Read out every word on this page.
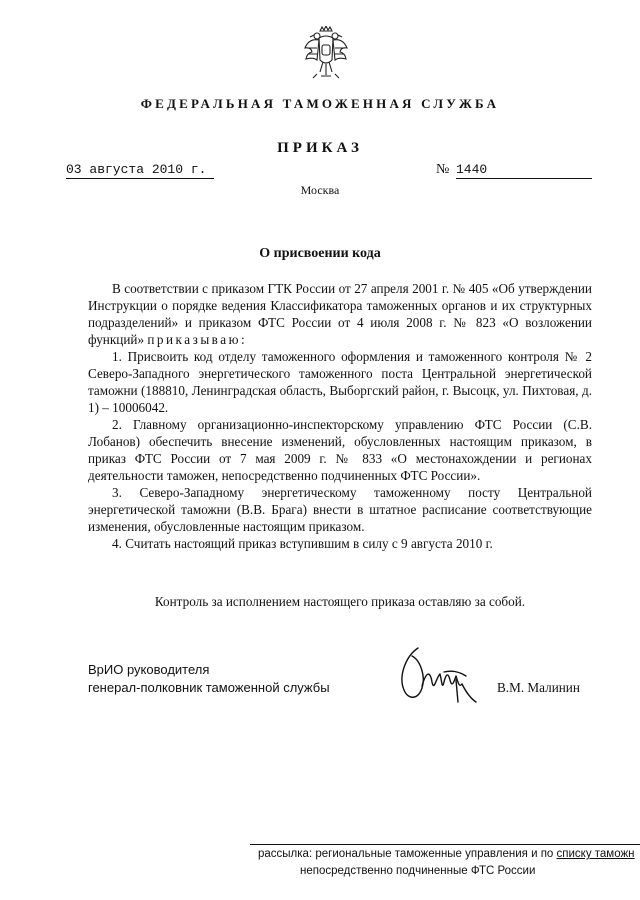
ФЕДЕРАЛЬНАЯ ТАМОЖЕННАЯ СЛУЖБА
ПРИКАЗ
03 августа 2010 г.	№ 1440
Москва
О присвоении кода

В соответствии с приказом ГТК России от 27 апреля 2001 г. № 405 «Об утверждении Инструкции о порядке ведения Классификатора таможенных органов и их структурных подразделений» и приказом ФТС России от 4 июля 2008 г. № 823 «О возложении функций» приказываю:

1. Присвоить код отделу таможенного оформления и таможенного контроля № 2 Северо-Западного энергетического таможенного поста Центральной энергетической таможни (188810, Ленинградская область, Выборгский район, г. Высоцк, ул. Пихтовая, д. 1) – 10006042.

2. Главному организационно-инспекторскому управлению ФТС России (С.В. Лобанов) обеспечить внесение изменений, обусловленных настоящим приказом, в приказ ФТС России от 7 мая 2009 г. № 833 «О местонахождении и регионах деятельности таможен, непосредственно подчиненных ФТС России».

3. Северо-Западному энергетическому таможенному посту Центральной энергетической таможни (В.В. Брага) внести в штатное расписание соответствующие изменения, обусловленные настоящим приказом.

4. Считать настоящий приказ вступившим в силу с 9 августа 2010 г.

Контроль за исполнением настоящего приказа оставляю за собой.
ВрИО руководителя
генерал-полковник таможенной службы	В.М. Малинин
рассылка: региональные таможенные управления и по списку таможн
непосредственно подчиненные ФТС России
